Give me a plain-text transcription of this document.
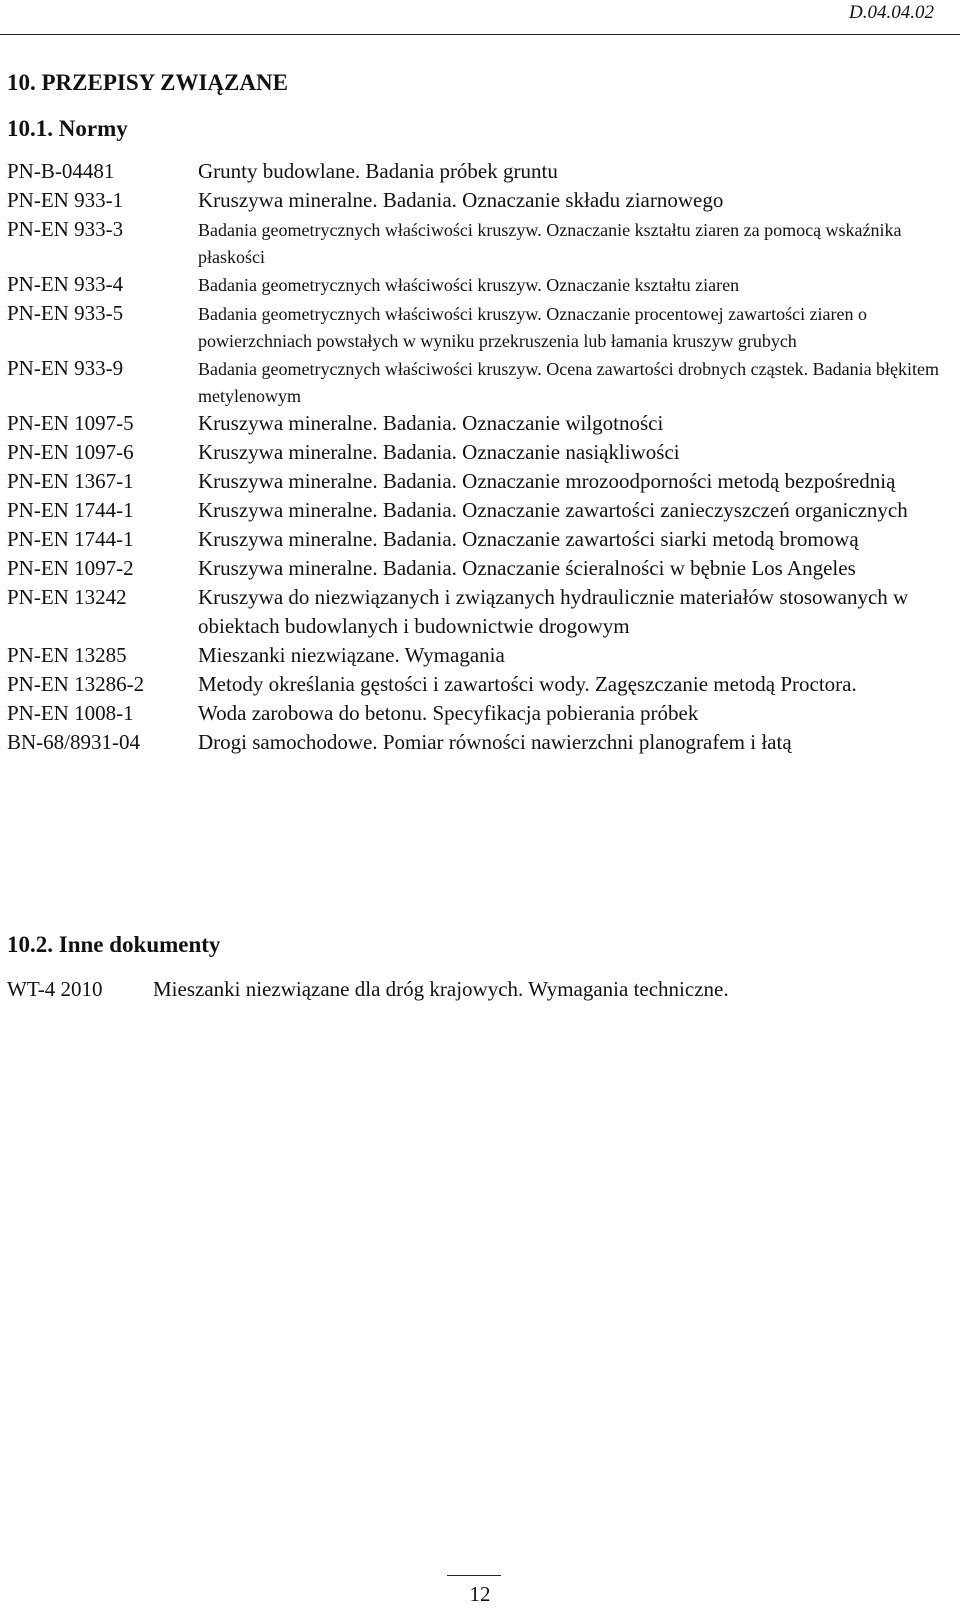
D.04.04.02
10. PRZEPISY ZWIĄZANE
10.1. Normy
PN-B-04481	Grunty budowlane. Badania próbek gruntu
PN-EN 933-1	Kruszywa mineralne. Badania. Oznaczanie składu ziarnowego
PN-EN 933-3	Badania geometrycznych właściwości kruszyw. Oznaczanie kształtu ziaren za pomocą wskaźnika płaskości
PN-EN 933-4	Badania geometrycznych właściwości kruszyw. Oznaczanie kształtu ziaren
PN-EN 933-5	Badania geometrycznych właściwości kruszyw. Oznaczanie procentowej zawartości ziaren o powierzchniach powstałych w wyniku przekruszenia lub łamania kruszyw grubych
PN-EN 933-9	Badania geometrycznych właściwości kruszyw. Ocena zawartości drobnych cząstek. Badania błękitem metylenowym
PN-EN 1097-5	Kruszywa mineralne. Badania. Oznaczanie wilgotności
PN-EN 1097-6	Kruszywa mineralne. Badania. Oznaczanie nasiąkliwości
PN-EN 1367-1	Kruszywa mineralne. Badania. Oznaczanie mrozoodporności metodą bezpośrednią
PN-EN 1744-1	Kruszywa mineralne. Badania. Oznaczanie zawartości zanieczyszczeń organicznych
PN-EN 1744-1	Kruszywa mineralne. Badania. Oznaczanie zawartości siarki metodą bromową
PN-EN 1097-2	Kruszywa mineralne. Badania. Oznaczanie ścieralności w bębnie Los Angeles
PN-EN 13242	Kruszywa do niezwiązanych i związanych hydraulicznie materiałów stosowanych w obiektach budowlanych i budownictwie drogowym
PN-EN 13285	Mieszanki niezwiązane. Wymagania
PN-EN 13286-2	Metody określania gęstości i zawartości wody. Zagęszczanie metodą Proctora.
PN-EN 1008-1	Woda zarobowa do betonu. Specyfikacja pobierania próbek
BN-68/8931-04	Drogi samochodowe. Pomiar równości nawierzchni planografem i łatą
10.2. Inne dokumenty
WT-4 2010	Mieszanki niezwiązane dla dróg krajowych. Wymagania techniczne.
12
